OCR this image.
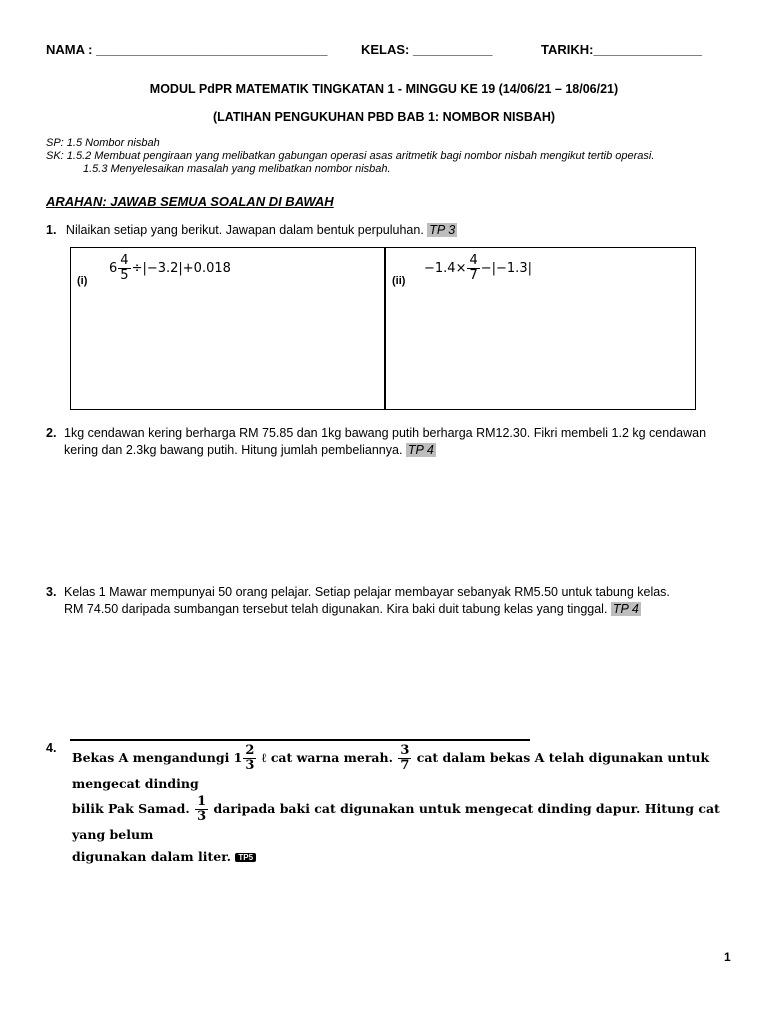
NAMA : ________________________________	KELAS: ___________	TARIKH:_______________
MODUL PdPR MATEMATIK TINGKATAN 1 - MINGGU KE 19 (14/06/21 – 18/06/21)
(LATIHAN PENGUKUHAN PBD BAB 1: NOMBOR NISBAH)
SP: 1.5 Nombor nisbah
SK: 1.5.2 Membuat pengiraan yang melibatkan gabungan operasi asas aritmetik bagi nombor nisbah mengikut tertib operasi.
1.5.3 Menyelesaikan masalah yang melibatkan nombor nisbah.
ARAHAN: JAWAB SEMUA SOALAN DI BAWAH
1. Nilaikan setiap yang berikut. Jawapan dalam bentuk perpuluhan. TP 3
(i)
$6 \frac{4}{5} \div|-3.2|+0.018$
(ii)
$-1.4\times \frac{4}{7} -|-1.3|$
2. 1kg cendawan kering berharga RM 75.85 dan 1kg bawang putih berharga RM12.30. Fikri membeli 1.2 kg cendawan
kering dan 2.3kg bawang putih. Hitung jumlah pembeliannya. TP 4
3. Kelas 1 Mawar mempunyai 50 orang pelajar. Setiap pelajar membayar sebanyak RM5.50 untuk tabung kelas.
RM 74.50 daripada sumbangan tersebut telah digunakan. Kira baki duit tabung kelas yang tinggal. TP 4
4.
Bekas A mengandungi $1 \frac{2}{3}$ ℓ cat warna merah. $\frac{3}{7}$ cat dalam bekas A telah digunakan untuk mengecat dinding
bilik Pak Samad. $\frac{1}{3}$ daripada baki cat digunakan untuk mengecat dinding dapur. Hitung cat yang belum
digunakan dalam liter. TP5
1
